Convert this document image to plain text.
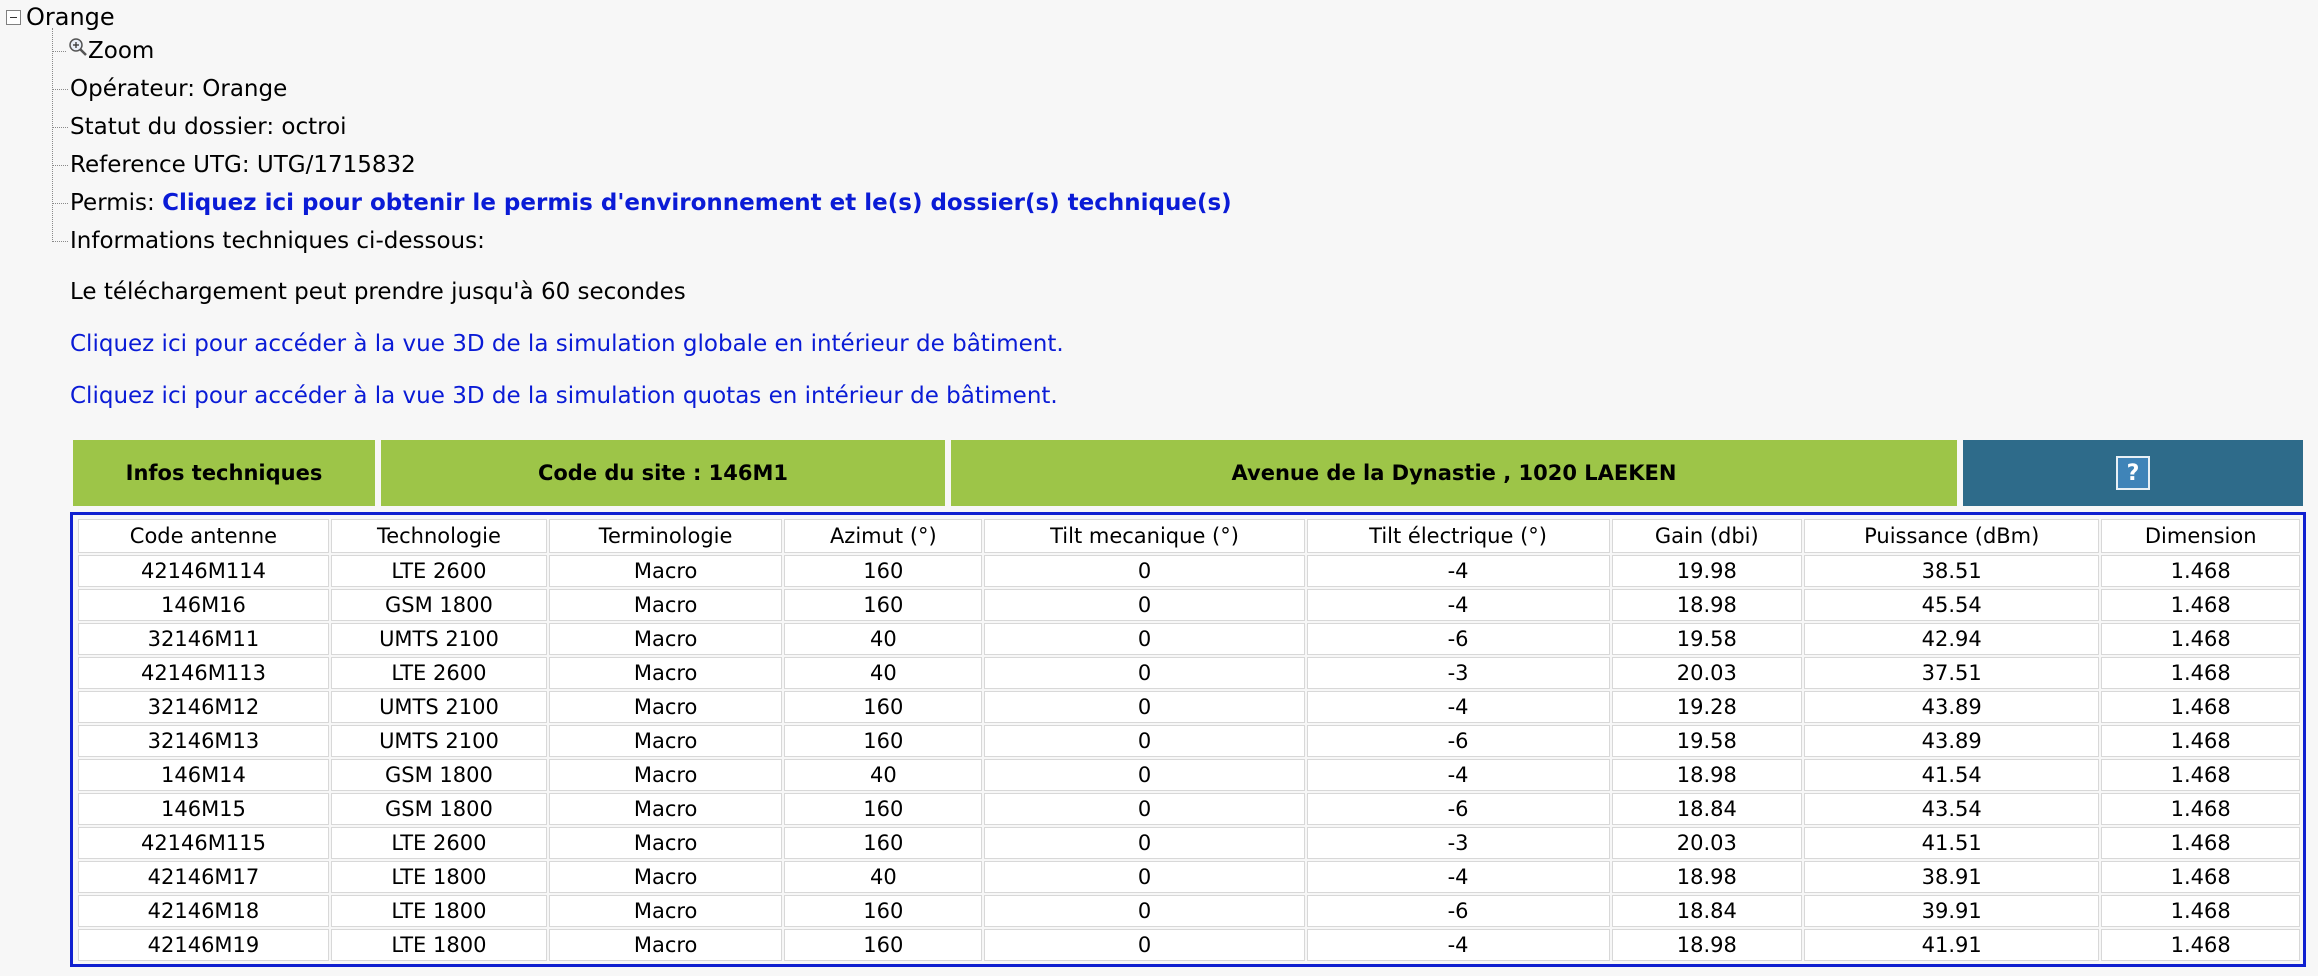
Orange
Zoom
Opérateur: Orange
Statut du dossier: octroi
Reference UTG: UTG/1715832
Permis: Cliquez ici pour obtenir le permis d'environnement et le(s) dossier(s) technique(s)
Informations techniques ci-dessous:
Le téléchargement peut prendre jusqu'à 60 secondes
Cliquez ici pour accéder à la vue 3D de la simulation globale en intérieur de bâtiment.
Cliquez ici pour accéder à la vue 3D de la simulation quotas en intérieur de bâtiment.
Infos techniques	Code du site : 146M1	Avenue de la Dynastie , 1020 LAEKEN	?
Code antenne	Technologie	Terminologie	Azimut (°)	Tilt mecanique (°)	Tilt électrique (°)	Gain (dbi)	Puissance (dBm)	Dimension
42146M114	LTE 2600	Macro	160	0	-4	19.98	38.51	1.468
146M16	GSM 1800	Macro	160	0	-4	18.98	45.54	1.468
32146M11	UMTS 2100	Macro	40	0	-6	19.58	42.94	1.468
42146M113	LTE 2600	Macro	40	0	-3	20.03	37.51	1.468
32146M12	UMTS 2100	Macro	160	0	-4	19.28	43.89	1.468
32146M13	UMTS 2100	Macro	160	0	-6	19.58	43.89	1.468
146M14	GSM 1800	Macro	40	0	-4	18.98	41.54	1.468
146M15	GSM 1800	Macro	160	0	-6	18.84	43.54	1.468
42146M115	LTE 2600	Macro	160	0	-3	20.03	41.51	1.468
42146M17	LTE 1800	Macro	40	0	-4	18.98	38.91	1.468
42146M18	LTE 1800	Macro	160	0	-6	18.84	39.91	1.468
42146M19	LTE 1800	Macro	160	0	-4	18.98	41.91	1.468
